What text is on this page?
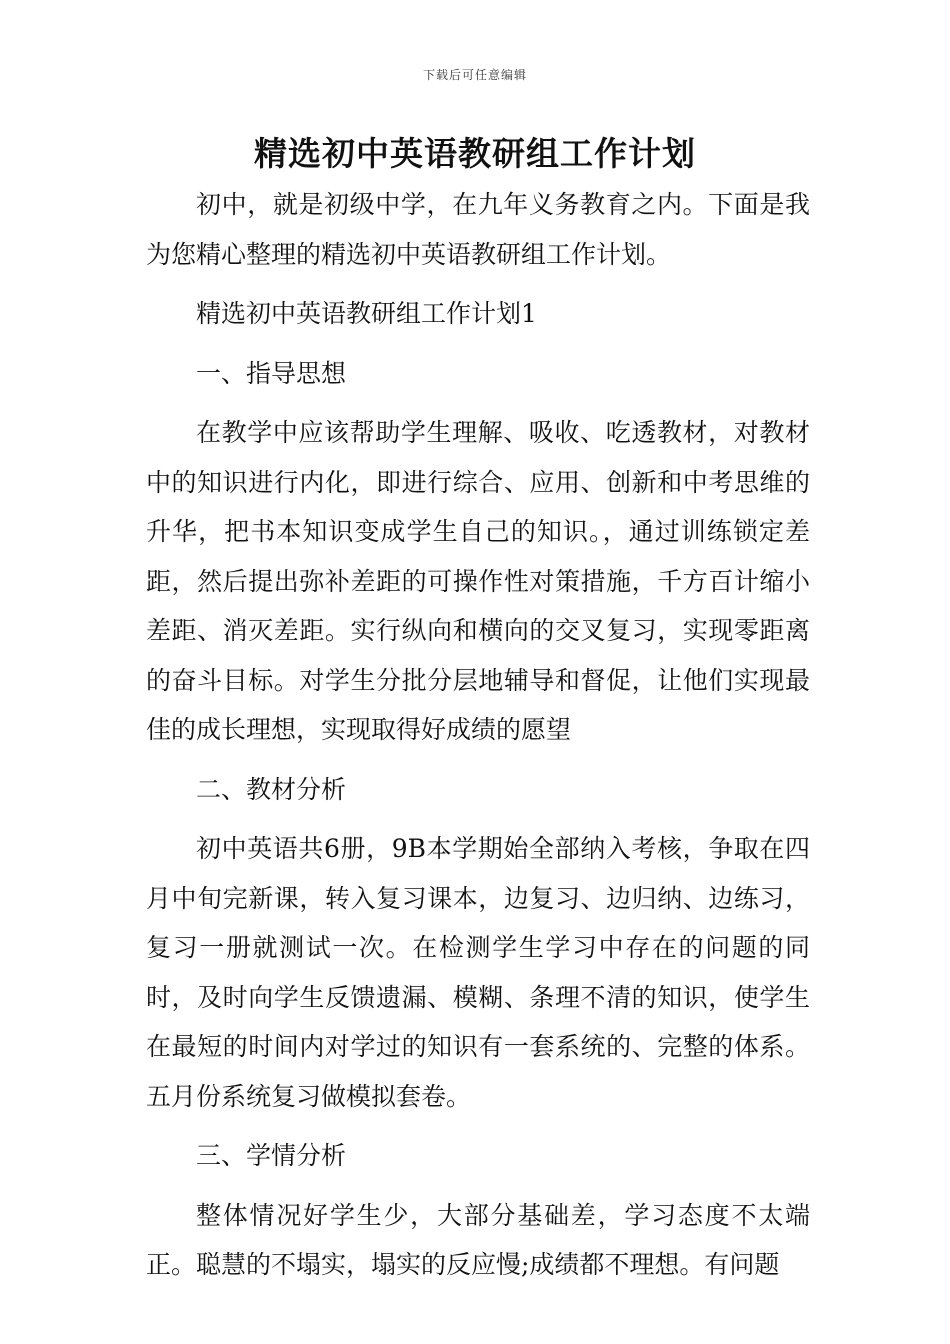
下载后可任意编辑
精选初中英语教研组工作计划

初中，就是初级中学，在九年义务教育之内。下面是我为您精心整理的精选初中英语教研组工作计划。

精选初中英语教研组工作计划1

一、指导思想

在教学中应该帮助学生理解、吸收、吃透教材，对教材中的知识进行内化，即进行综合、应用、创新和中考思维的升华，把书本知识变成学生自己的知识。，通过训练锁定差距，然后提出弥补差距的可操作性对策措施，千方百计缩小差距、消灭差距。实行纵向和横向的交叉复习，实现零距离的奋斗目标。对学生分批分层地辅导和督促，让他们实现最佳的成长理想，实现取得好成绩的愿望

二、教材分析

初中英语共6册，9B本学期始全部纳入考核，争取在四月中旬完新课，转入复习课本，边复习、边归纳、边练习，复习一册就测试一次。在检测学生学习中存在的问题的同时，及时向学生反馈遗漏、模糊、条理不清的知识，使学生在最短的时间内对学过的知识有一套系统的、完整的体系。五月份系统复习做模拟套卷。

三、学情分析

整体情况好学生少，大部分基础差，学习态度不太端正。聪慧的不塌实，塌实的反应慢;成绩都不理想。有问题
